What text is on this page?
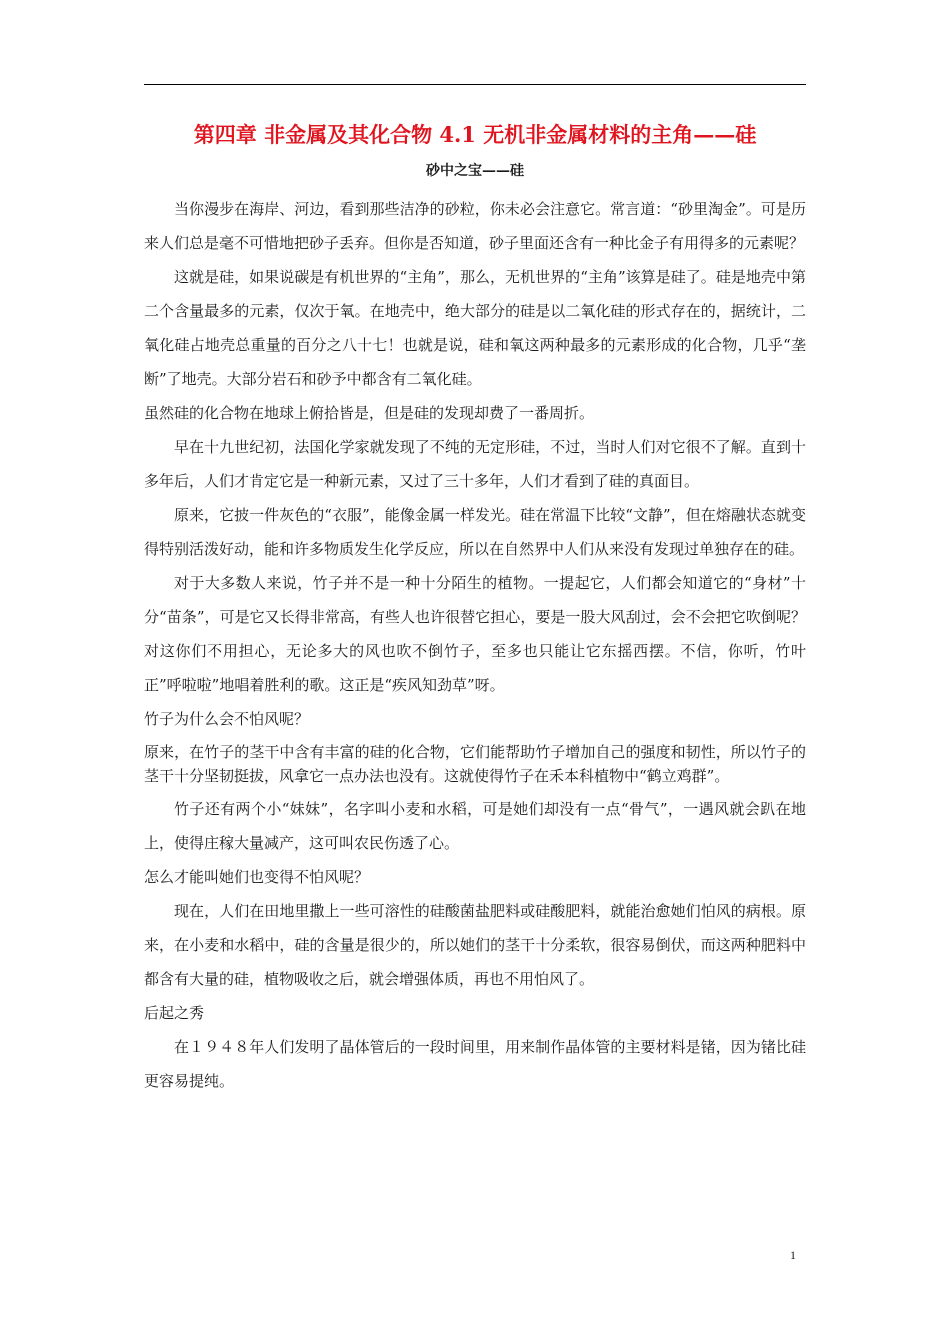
第四章 非金属及其化合物 4.1 无机非金属材料的主角——硅
砂中之宝——硅

当你漫步在海岸、河边，看到那些洁净的砂粒，你未必会注意它。常言道：“砂里淘金”。可是历来人们总是毫不可惜地把砂子丢弃。但你是否知道，砂子里面还含有一种比金子有用得多的元素呢？

这就是硅，如果说碳是有机世界的“主角”，那么，无机世界的“主角”该算是硅了。硅是地壳中第二个含量最多的元素，仅次于氧。在地壳中，绝大部分的硅是以二氧化硅的形式存在的，据统计，二氧化硅占地壳总重量的百分之八十七！也就是说，硅和氧这两种最多的元素形成的化合物，几乎“垄断”了地壳。大部分岩石和砂予中都含有二氧化硅。

虽然硅的化合物在地球上俯拾皆是，但是硅的发现却费了一番周折。

早在十九世纪初，法国化学家就发现了不纯的无定形硅，不过，当时人们对它很不了解。直到十多年后，人们才肯定它是一种新元素，又过了三十多年，人们才看到了硅的真面目。

原来，它披一件灰色的“衣服”，能像金属一样发光。硅在常温下比较“文静”，但在熔融状态就变得特别活泼好动，能和许多物质发生化学反应，所以在自然界中人们从来没有发现过单独存在的硅。

对于大多数人来说，竹子并不是一种十分陌生的植物。一提起它，人们都会知道它的“身材”十分“苗条”，可是它又长得非常高，有些人也许很替它担心，要是一股大风刮过，会不会把它吹倒呢？对这你们不用担心，无论多大的风也吹不倒竹子，至多也只能让它东摇西摆。不信，你听，竹叶正”呼啦啦”地唱着胜利的歌。这正是“疾风知劲草”呀。

竹子为什么会不怕风呢？

原来，在竹子的茎干中含有丰富的硅的化合物，它们能帮助竹子增加自己的强度和韧性，所以竹子的茎干十分坚韧挺拔，风拿它一点办法也没有。这就使得竹子在禾本科植物中“鹤立鸡群”。

竹子还有两个小“妹妹”，名字叫小麦和水稻，可是她们却没有一点“骨气”，一遇风就会趴在地上，使得庄稼大量减产，这可叫农民伤透了心。

怎么才能叫她们也变得不怕风呢？

现在，人们在田地里撒上一些可溶性的硅酸菌盐肥料或硅酸肥料，就能治愈她们怕风的病根。原来，在小麦和水稻中，硅的含量是很少的，所以她们的茎干十分柔软，很容易倒伏，而这两种肥料中都含有大量的硅，植物吸收之后，就会增强体质，再也不用怕风了。

后起之秀

在１９４８年人们发明了晶体管后的一段时间里，用来制作晶体管的主要材料是锗，因为锗比硅更容易提纯。

1
